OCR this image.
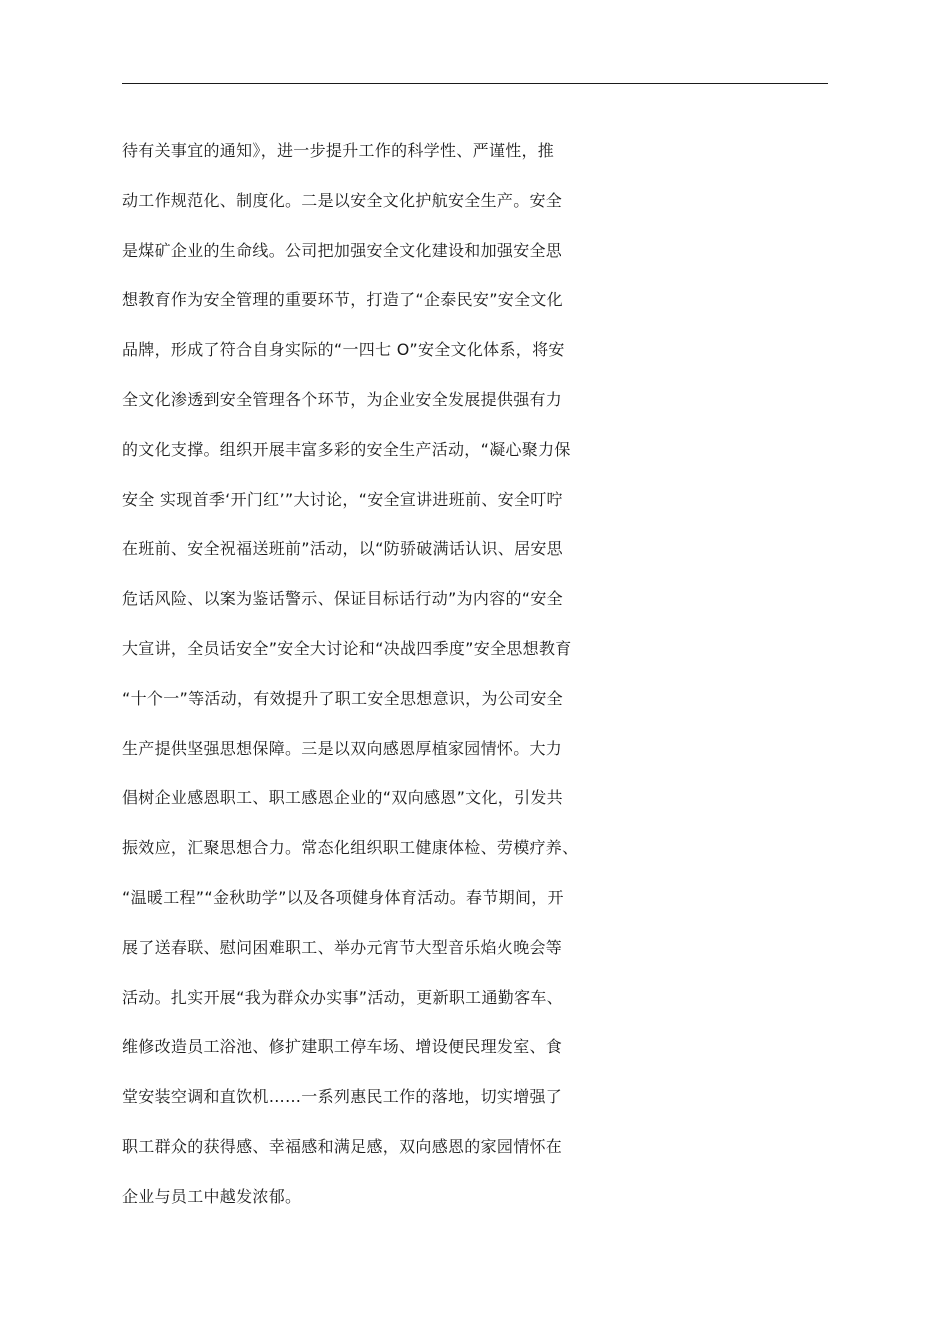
待有关事宜的通知》，进一步提升工作的科学性、严谨性，推
动工作规范化、制度化。二是以安全文化护航安全生产。安全
是煤矿企业的生命线。公司把加强安全文化建设和加强安全思
想教育作为安全管理的重要环节，打造了“企泰民安”安全文化
品牌，形成了符合自身实际的“一四七 O”安全文化体系，将安
全文化渗透到安全管理各个环节，为企业安全发展提供强有力
的文化支撑。组织开展丰富多彩的安全生产活动，“凝心聚力保
安全 实现首季‘开门红’”大讨论，“安全宣讲进班前、安全叮咛
在班前、安全祝福送班前”活动，以“防骄破满话认识、居安思
危话风险、以案为鉴话警示、保证目标话行动”为内容的“安全
大宣讲，全员话安全”安全大讨论和“决战四季度”安全思想教育
“十个一”等活动，有效提升了职工安全思想意识，为公司安全
生产提供坚强思想保障。三是以双向感恩厚植家园情怀。大力
倡树企业感恩职工、职工感恩企业的“双向感恩”文化，引发共
振效应，汇聚思想合力。常态化组织职工健康体检、劳模疗养、
“温暖工程”“金秋助学”以及各项健身体育活动。春节期间，开
展了送春联、慰问困难职工、举办元宵节大型音乐焰火晚会等
活动。扎实开展“我为群众办实事”活动，更新职工通勤客车、
维修改造员工浴池、修扩建职工停车场、增设便民理发室、食
堂安装空调和直饮机……一系列惠民工作的落地，切实增强了
职工群众的获得感、幸福感和满足感，双向感恩的家园情怀在
企业与员工中越发浓郁。
